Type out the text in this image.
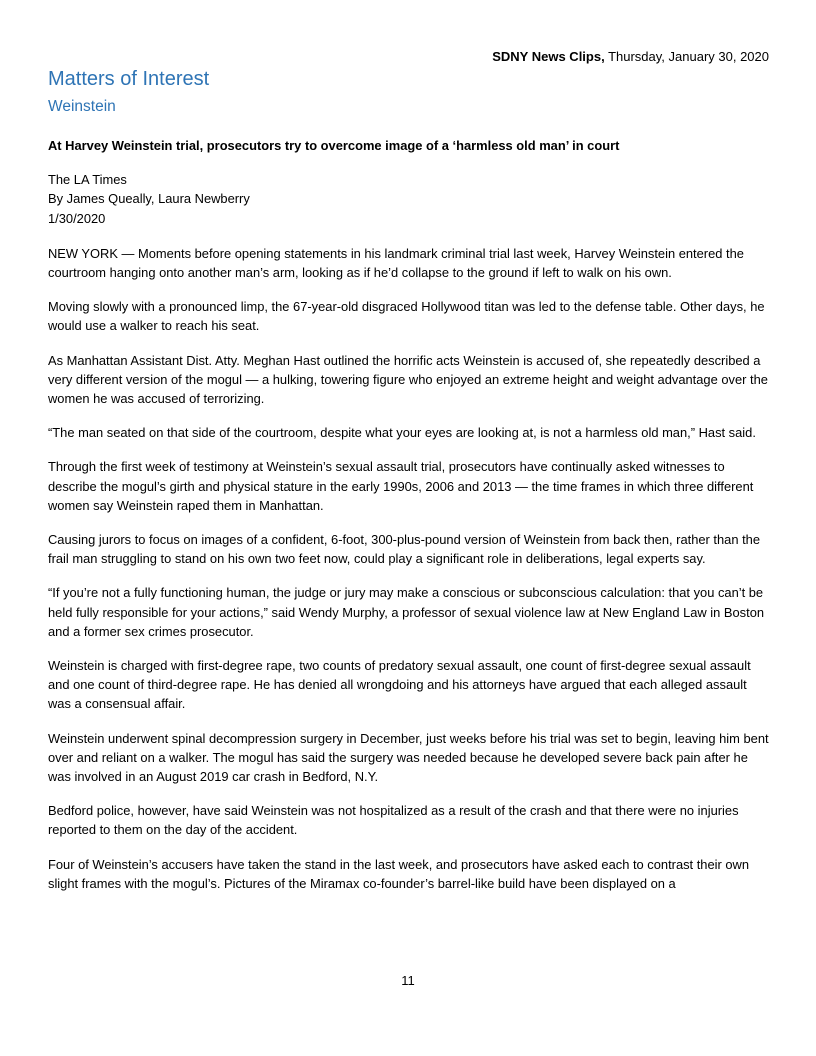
SDNY News Clips, Thursday, January 30, 2020
Matters of Interest
Weinstein
At Harvey Weinstein trial, prosecutors try to overcome image of a ‘harmless old man’ in court
The LA Times
By James Queally, Laura Newberry
1/30/2020

NEW YORK — Moments before opening statements in his landmark criminal trial last week, Harvey Weinstein entered the courtroom hanging onto another man’s arm, looking as if he’d collapse to the ground if left to walk on his own.

Moving slowly with a pronounced limp, the 67-year-old disgraced Hollywood titan was led to the defense table. Other days, he would use a walker to reach his seat.

As Manhattan Assistant Dist. Atty. Meghan Hast outlined the horrific acts Weinstein is accused of, she repeatedly described a very different version of the mogul — a hulking, towering figure who enjoyed an extreme height and weight advantage over the women he was accused of terrorizing.

“The man seated on that side of the courtroom, despite what your eyes are looking at, is not a harmless old man,” Hast said.

Through the first week of testimony at Weinstein’s sexual assault trial, prosecutors have continually asked witnesses to describe the mogul’s girth and physical stature in the early 1990s, 2006 and 2013 — the time frames in which three different women say Weinstein raped them in Manhattan.

Causing jurors to focus on images of a confident, 6-foot, 300-plus-pound version of Weinstein from back then, rather than the frail man struggling to stand on his own two feet now, could play a significant role in deliberations, legal experts say.

“If you’re not a fully functioning human, the judge or jury may make a conscious or subconscious calculation: that you can’t be held fully responsible for your actions,” said Wendy Murphy, a professor of sexual violence law at New England Law in Boston and a former sex crimes prosecutor.

Weinstein is charged with first-degree rape, two counts of predatory sexual assault, one count of first-degree sexual assault and one count of third-degree rape. He has denied all wrongdoing and his attorneys have argued that each alleged assault was a consensual affair.

Weinstein underwent spinal decompression surgery in December, just weeks before his trial was set to begin, leaving him bent over and reliant on a walker. The mogul has said the surgery was needed because he developed severe back pain after he was involved in an August 2019 car crash in Bedford, N.Y.

Bedford police, however, have said Weinstein was not hospitalized as a result of the crash and that there were no injuries reported to them on the day of the accident.

Four of Weinstein’s accusers have taken the stand in the last week, and prosecutors have asked each to contrast their own slight frames with the mogul’s. Pictures of the Miramax co-founder’s barrel-like build have been displayed on a

11
